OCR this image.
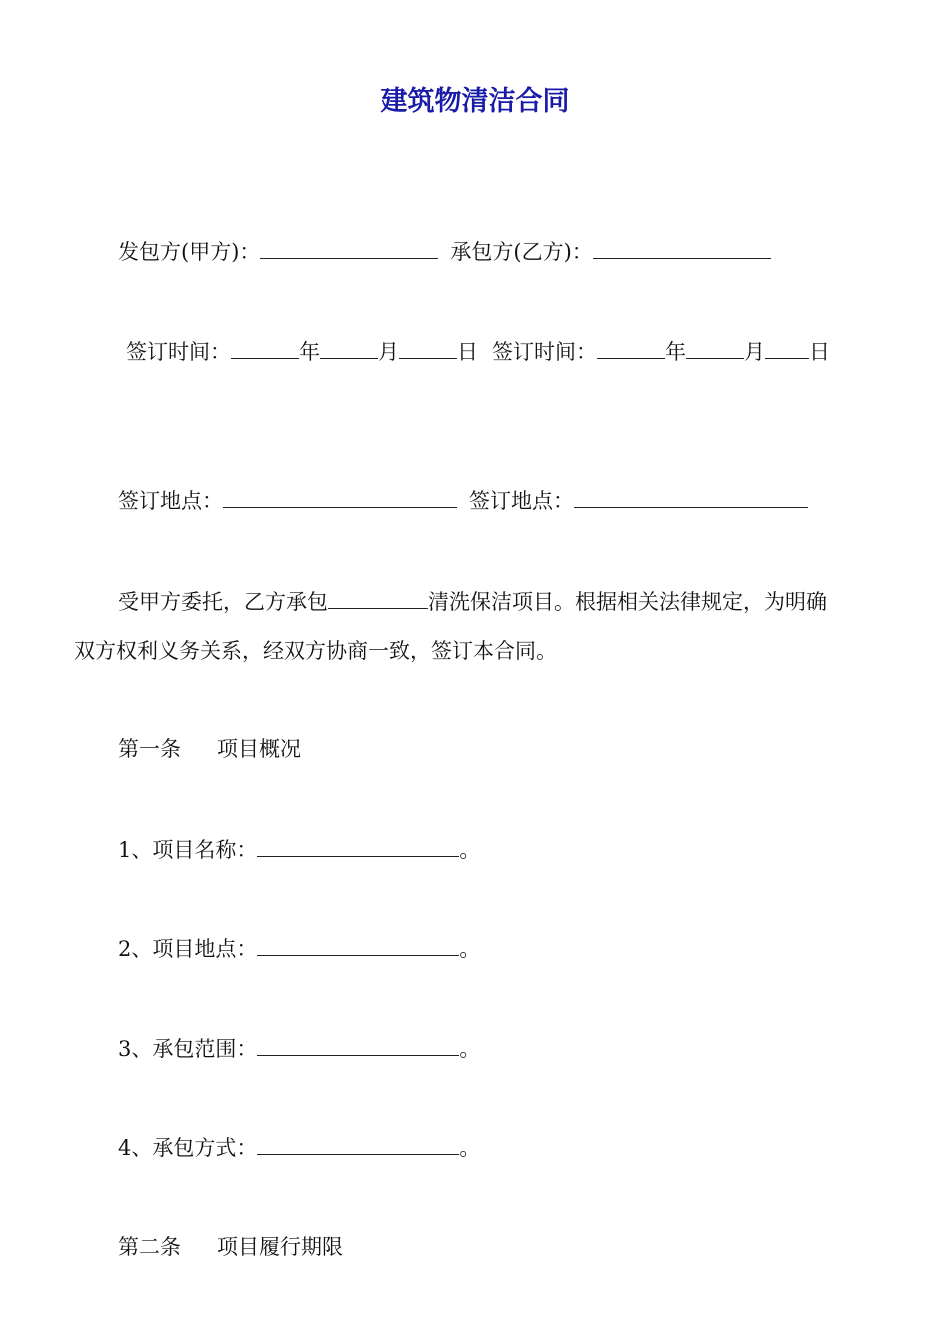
建筑物清洁合同
发包方(甲方)：	承包方(乙方)：
签订时间：	年	月	日 签订时间：	年	月 日
签订地点：	签订地点：
受甲方委托，乙方承包	清洗保洁项目。根据相关法律规定，为明确
双方权利义务关系，经双方协商一致，签订本合同。
第一条 项目概况
1、项目名称：	。
2、项目地点：	。
3、承包范围：	。
4、承包方式：	。
第二条 项目履行期限
